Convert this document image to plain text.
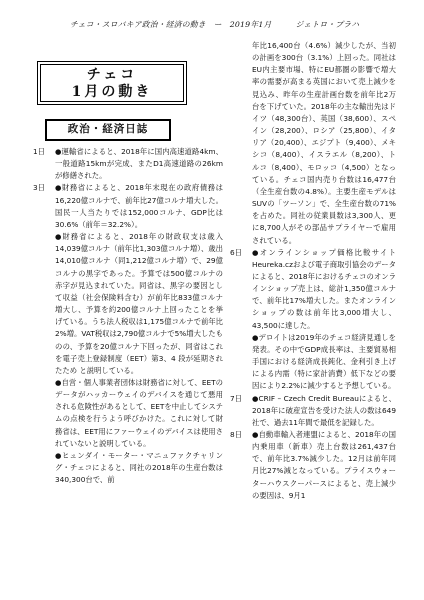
チェコ・スロバキア政治・経済の動き　ー　2019年1月　　　ジェトロ・プラハ
チェコ
1月の動き
政治・経済日誌
1日	●運輸省によると、2018年に国内高速道路4km、一般道路15kmが完成、またD1高速道路の26kmが修繕された。

3日	●財務省によると、2018年末現在の政府債務は16,220億コルナで、前年比27億コルナ増大した。国民一人当たりでは152,000コルナ、GDP比は30.6%（前年＝32.2%）。

●財務省によると、2018年の財政収支は歳入14,039億コルナ（前年比1,303億コルナ増）、歳出14,010億コルナ（同1,212億コルナ増）で、29億コルナの黒字であった。予算では500億コルナの赤字が見込まれていた。同省は、黒字の要因として収益（社会保険料含む）が前年比833億コルナ増大し、予算を約200億コルナ上回ったことを挙げている。うち法人税収は1,175億コルナで前年比2%増。VAT税収は2,790億コルナで5%増大したものの、予算を20億コルナ下回ったが、同省はこれを電子売上登録制度（EET）第3、4 段が延期されたため と説明している。

●自営・個人事業者団体は財務省に対して、EETのデータがハッカーウェイのデバイスを通じて悪用される危険性があるとして、EETを中止してシステムの点検を行うよう呼びかけた。これに対して財務省は、EET用にファーウェイのデバイスは使用されていないと説明している。

●ヒュンダイ・モーター・マニュファクチャリング・チェコによると、同社の2018年の生産台数は340,300台で、前

年比16,400台（4.6%）減少したが、当初の計画を300台（3.1%）上回った。同社はEU内主要市場、特にEU都圏の影響で増大率の需要が高まる英国において売上減少を見込み、昨年の生産計画台数を前年比2万台を下げていた。2018年の主な輸出先はドイツ（48,300台）、英国（38,600）、スペイン（28,200）、ロシア（25,800）、イタリア（20,400）、エジプト（9,400）、メキシコ（8,400）、イスラエル（8,200）、トルコ（8,400）、モロッコ（4,500）となっている。チェコ国内売り台数は16,477台（全生産台数の4.8%）。主要生産モデルはSUVの「ツーソン」で、全生産台数の71%を占めた。同社の従業員数は3,300人、更に8,700人がその部品サプライヤーで雇用されている。

6日	●オンラインショップ価格比較サイトHeureka.czおよび電子商取引協会のデータによると、2018年におけるチェコのオンラインショップ売上は、総計1,350億コルナで、前年比17%増大した。またオンラインショップの数は前年比3,000増大し、43,500に達した。

●デロイトは2019年のチェコ経済見通しを発表。その中でGDP成長率は、主要貿易相手国における経済成長鈍化、金利引き上げによる内需（特に家計消費）低下などの要因により2.2%に減少すると予想している。

7日	●CRIF – Czech Credit Bureauによると、2018年に破産宣告を受けた法人の数は649社で、過去11年間で最低を記録した。

8日	●自動車輸入者連盟によると、2018年の国内乗用車（新車）売上台数は261,437台で、前年比3.7%減少した。12月は前年同月比27%減となっている。プライスウォーターハウスクーパースによると、売上減少の要因は、9月1
